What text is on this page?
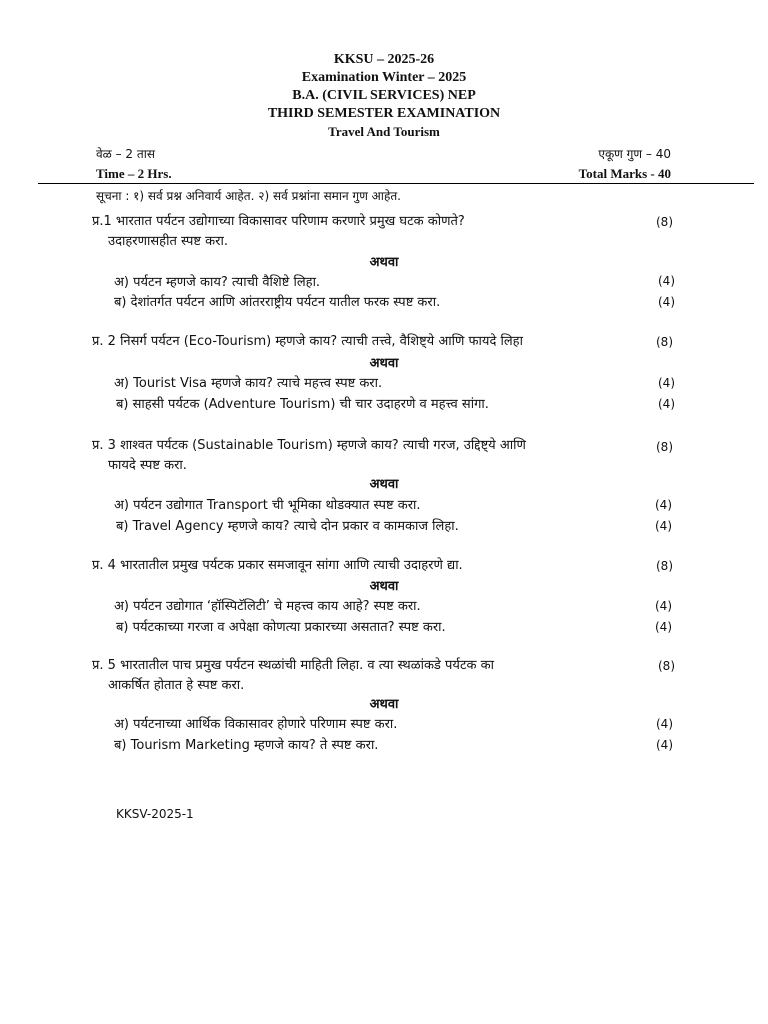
KKSU – 2025-26
Examination Winter – 2025
B.A. (CIVIL SERVICES) NEP
THIRD SEMESTER EXAMINATION
Travel And Tourism
वेळ – 2 तास	एकूण गुण – 40
Time – 2 Hrs.	Total Marks - 40
सूचना : १) सर्व प्रश्न अनिवार्य आहेत. २) सर्व प्रश्नांना समान गुण आहेत.
प्र.1 भारतात पर्यटन उद्योगाच्या विकासावर परिणाम करणारे प्रमुख घटक कोणते?
उदाहरणासहीत स्पष्ट करा.
(8)
अथवा
अ) पर्यटन म्हणजे काय? त्याची वैशिष्टे लिहा.	(4)
ब) देशांतर्गत पर्यटन आणि आंतरराष्ट्रीय पर्यटन यातील फरक स्पष्ट करा.	(4)
प्र. 2 निसर्ग पर्यटन (Eco-Tourism) म्हणजे काय? त्याची तत्त्वे, वैशिष्ट्ये आणि फायदे लिहा	(8)
अथवा
अ) Tourist Visa म्हणजे काय? त्याचे महत्त्व स्पष्ट करा.	(4)
ब) साहसी पर्यटक (Adventure Tourism) ची चार उदाहरणे व महत्त्व सांगा.	(4)
प्र. 3 शाश्वत पर्यटक (Sustainable Tourism) म्हणजे काय? त्याची गरज, उद्दिष्ट्ये आणि
फायदे स्पष्ट करा.
(8)
अथवा
अ) पर्यटन उद्योगात Transport ची भूमिका थोडक्यात स्पष्ट करा.	(4)
ब) Travel Agency म्हणजे काय? त्याचे दोन प्रकार व कामकाज लिहा.	(4)
प्र. 4 भारतातील प्रमुख पर्यटक प्रकार समजावून सांगा आणि त्याची उदाहरणे द्या.	(8)
अथवा
अ) पर्यटन उद्योगात ‘हॉस्पिटॅलिटी’ चे महत्त्व काय आहे? स्पष्ट करा.	(4)
ब) पर्यटकाच्या गरजा व अपेक्षा कोणत्या प्रकारच्या असतात? स्पष्ट करा.	(4)
प्र. 5 भारतातील पाच प्रमुख पर्यटन स्थळांची माहिती लिहा. व त्या स्थळांकडे पर्यटक का
आकर्षित होतात हे स्पष्ट करा.
(8)
अथवा
अ) पर्यटनाच्या आर्थिक विकासावर होणारे परिणाम स्पष्ट करा.	(4)
ब) Tourism Marketing म्हणजे काय? ते स्पष्ट करा.	(4)
KKSV-2025-1
